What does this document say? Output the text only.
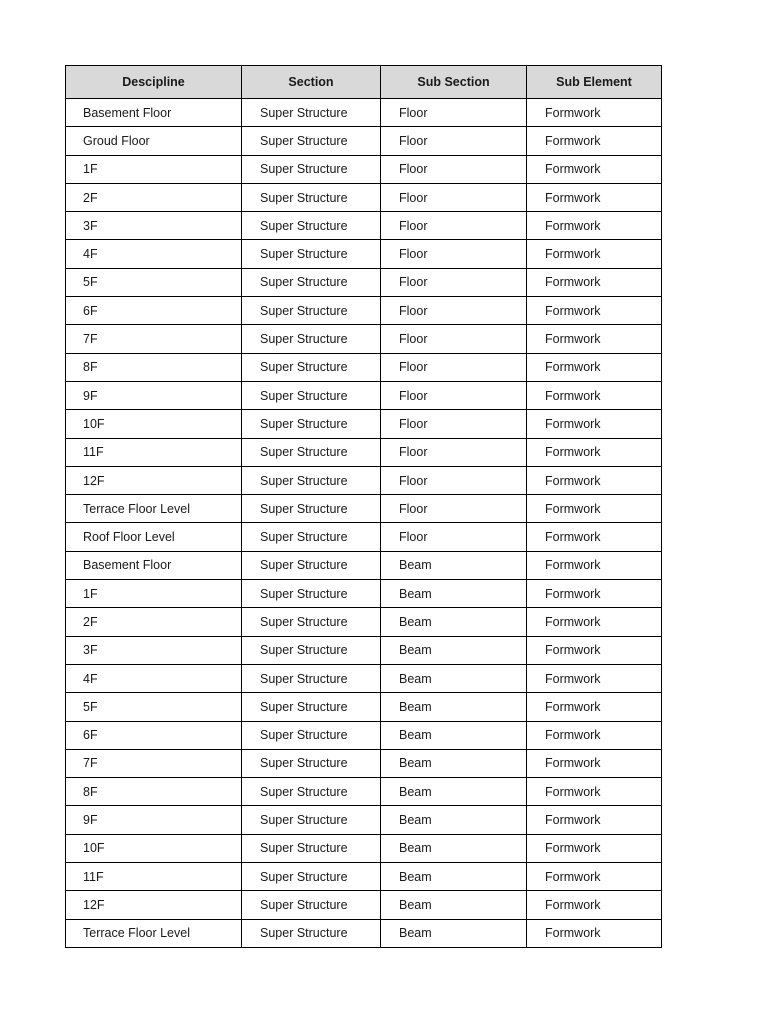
Descipline	Section	Sub Section	Sub Element
Basement Floor	Super Structure	Floor	Formwork
Groud Floor	Super Structure	Floor	Formwork
1F	Super Structure	Floor	Formwork
2F	Super Structure	Floor	Formwork
3F	Super Structure	Floor	Formwork
4F	Super Structure	Floor	Formwork
5F	Super Structure	Floor	Formwork
6F	Super Structure	Floor	Formwork
7F	Super Structure	Floor	Formwork
8F	Super Structure	Floor	Formwork
9F	Super Structure	Floor	Formwork
10F	Super Structure	Floor	Formwork
11F	Super Structure	Floor	Formwork
12F	Super Structure	Floor	Formwork
Terrace Floor Level	Super Structure	Floor	Formwork
Roof Floor Level	Super Structure	Floor	Formwork
Basement Floor	Super Structure	Beam	Formwork
1F	Super Structure	Beam	Formwork
2F	Super Structure	Beam	Formwork
3F	Super Structure	Beam	Formwork
4F	Super Structure	Beam	Formwork
5F	Super Structure	Beam	Formwork
6F	Super Structure	Beam	Formwork
7F	Super Structure	Beam	Formwork
8F	Super Structure	Beam	Formwork
9F	Super Structure	Beam	Formwork
10F	Super Structure	Beam	Formwork
11F	Super Structure	Beam	Formwork
12F	Super Structure	Beam	Formwork
Terrace Floor Level	Super Structure	Beam	Formwork
